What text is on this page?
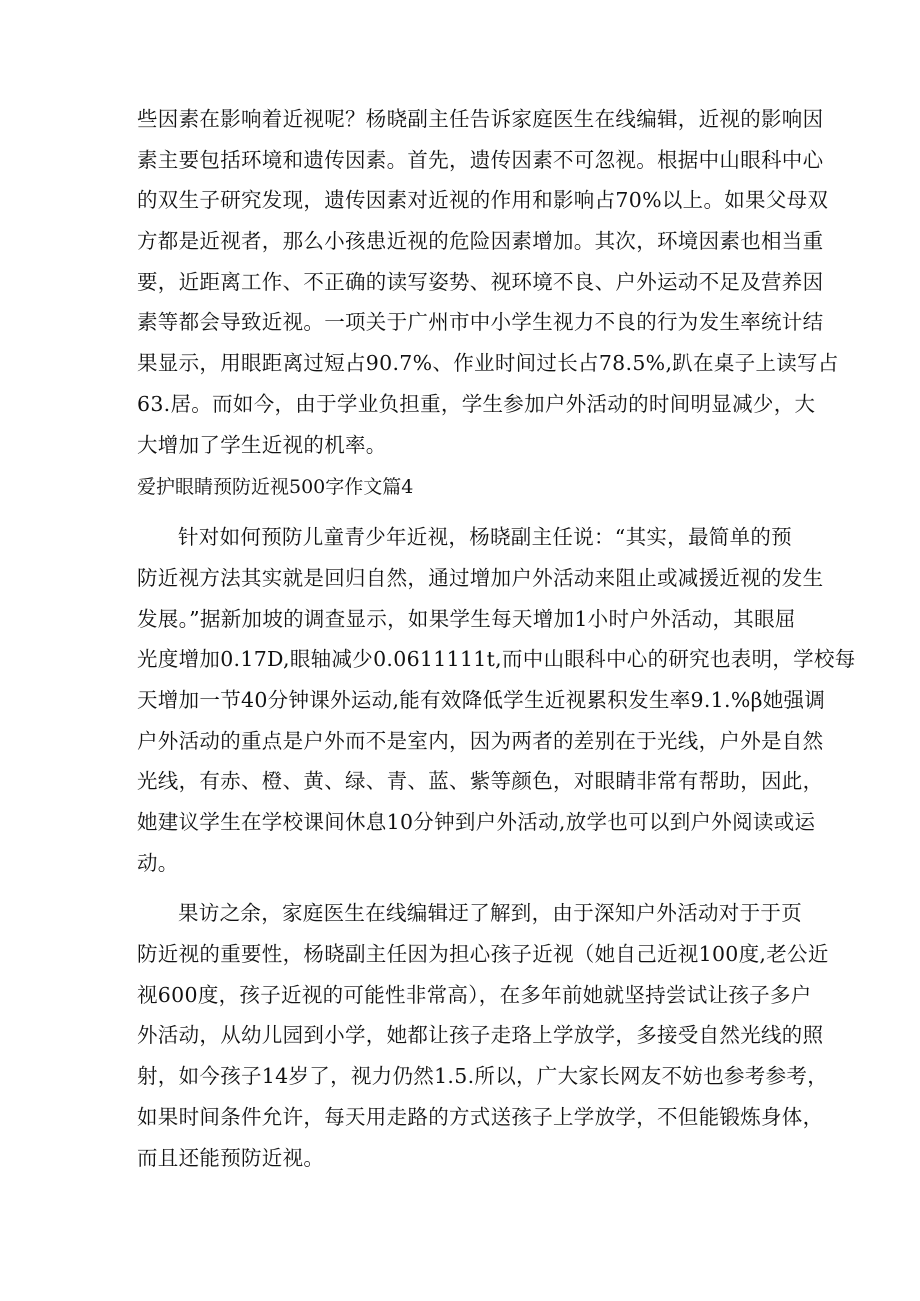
些因素在影响着近视呢？杨晓副主任告诉家庭医生在线编辑，近视的影响因
素主要包括环境和遗传因素。首先，遗传因素不可忽视。根据中山眼科中心
的双生子研究发现，遗传因素对近视的作用和影响占70%以上。如果父母双
方都是近视者，那么小孩患近视的危险因素增加。其次，环境因素也相当重
要，近距离工作、不正确的读写姿势、视环境不良、户外运动不足及营养因
素等都会导致近视。一项关于广州市中小学生视力不良的行为发生率统计结
果显示，用眼距离过短占90.7%、作业时间过长占78.5%,趴在桌子上读写占
63.居。而如今，由于学业负担重，学生参加户外活动的时间明显减少，大
大增加了学生近视的机率。
爱护眼睛预防近视500字作文篇4
针对如何预防儿童青少年近视，杨晓副主任说：“其实，最简单的预
防近视方法其实就是回归自然，通过增加户外活动来阻止或减援近视的发生
发展。”据新加坡的调查显示，如果学生每天增加1小时户外活动，其眼屈
光度增加0.17D,眼轴减少0.0611111t,而中山眼科中心的研究也表明，学校每
天增加一节40分钟课外运动,能有效降低学生近视累积发生率9.1.%β她强调
户外活动的重点是户外而不是室内，因为两者的差别在于光线，户外是自然
光线，有赤、橙、黄、绿、青、蓝、紫等颜色，对眼睛非常有帮助，因此，
她建议学生在学校课间休息10分钟到户外活动,放学也可以到户外阅读或运
动。
果访之余，家庭医生在线编辑迂了解到，由于深知户外活动对于于页
防近视的重要性，杨晓副主任因为担心孩子近视（她自己近视100度,老公近
视600度，孩子近视的可能性非常高），在多年前她就坚持尝试让孩子多户
外活动，从幼儿园到小学，她都让孩子走珞上学放学，多接受自然光线的照
射，如今孩子14岁了，视力仍然1.5.所以，广大家长网友不妨也参考参考，
如果时间条件允许，每天用走路的方式送孩子上学放学，不但能锻炼身体，
而且还能预防近视。
